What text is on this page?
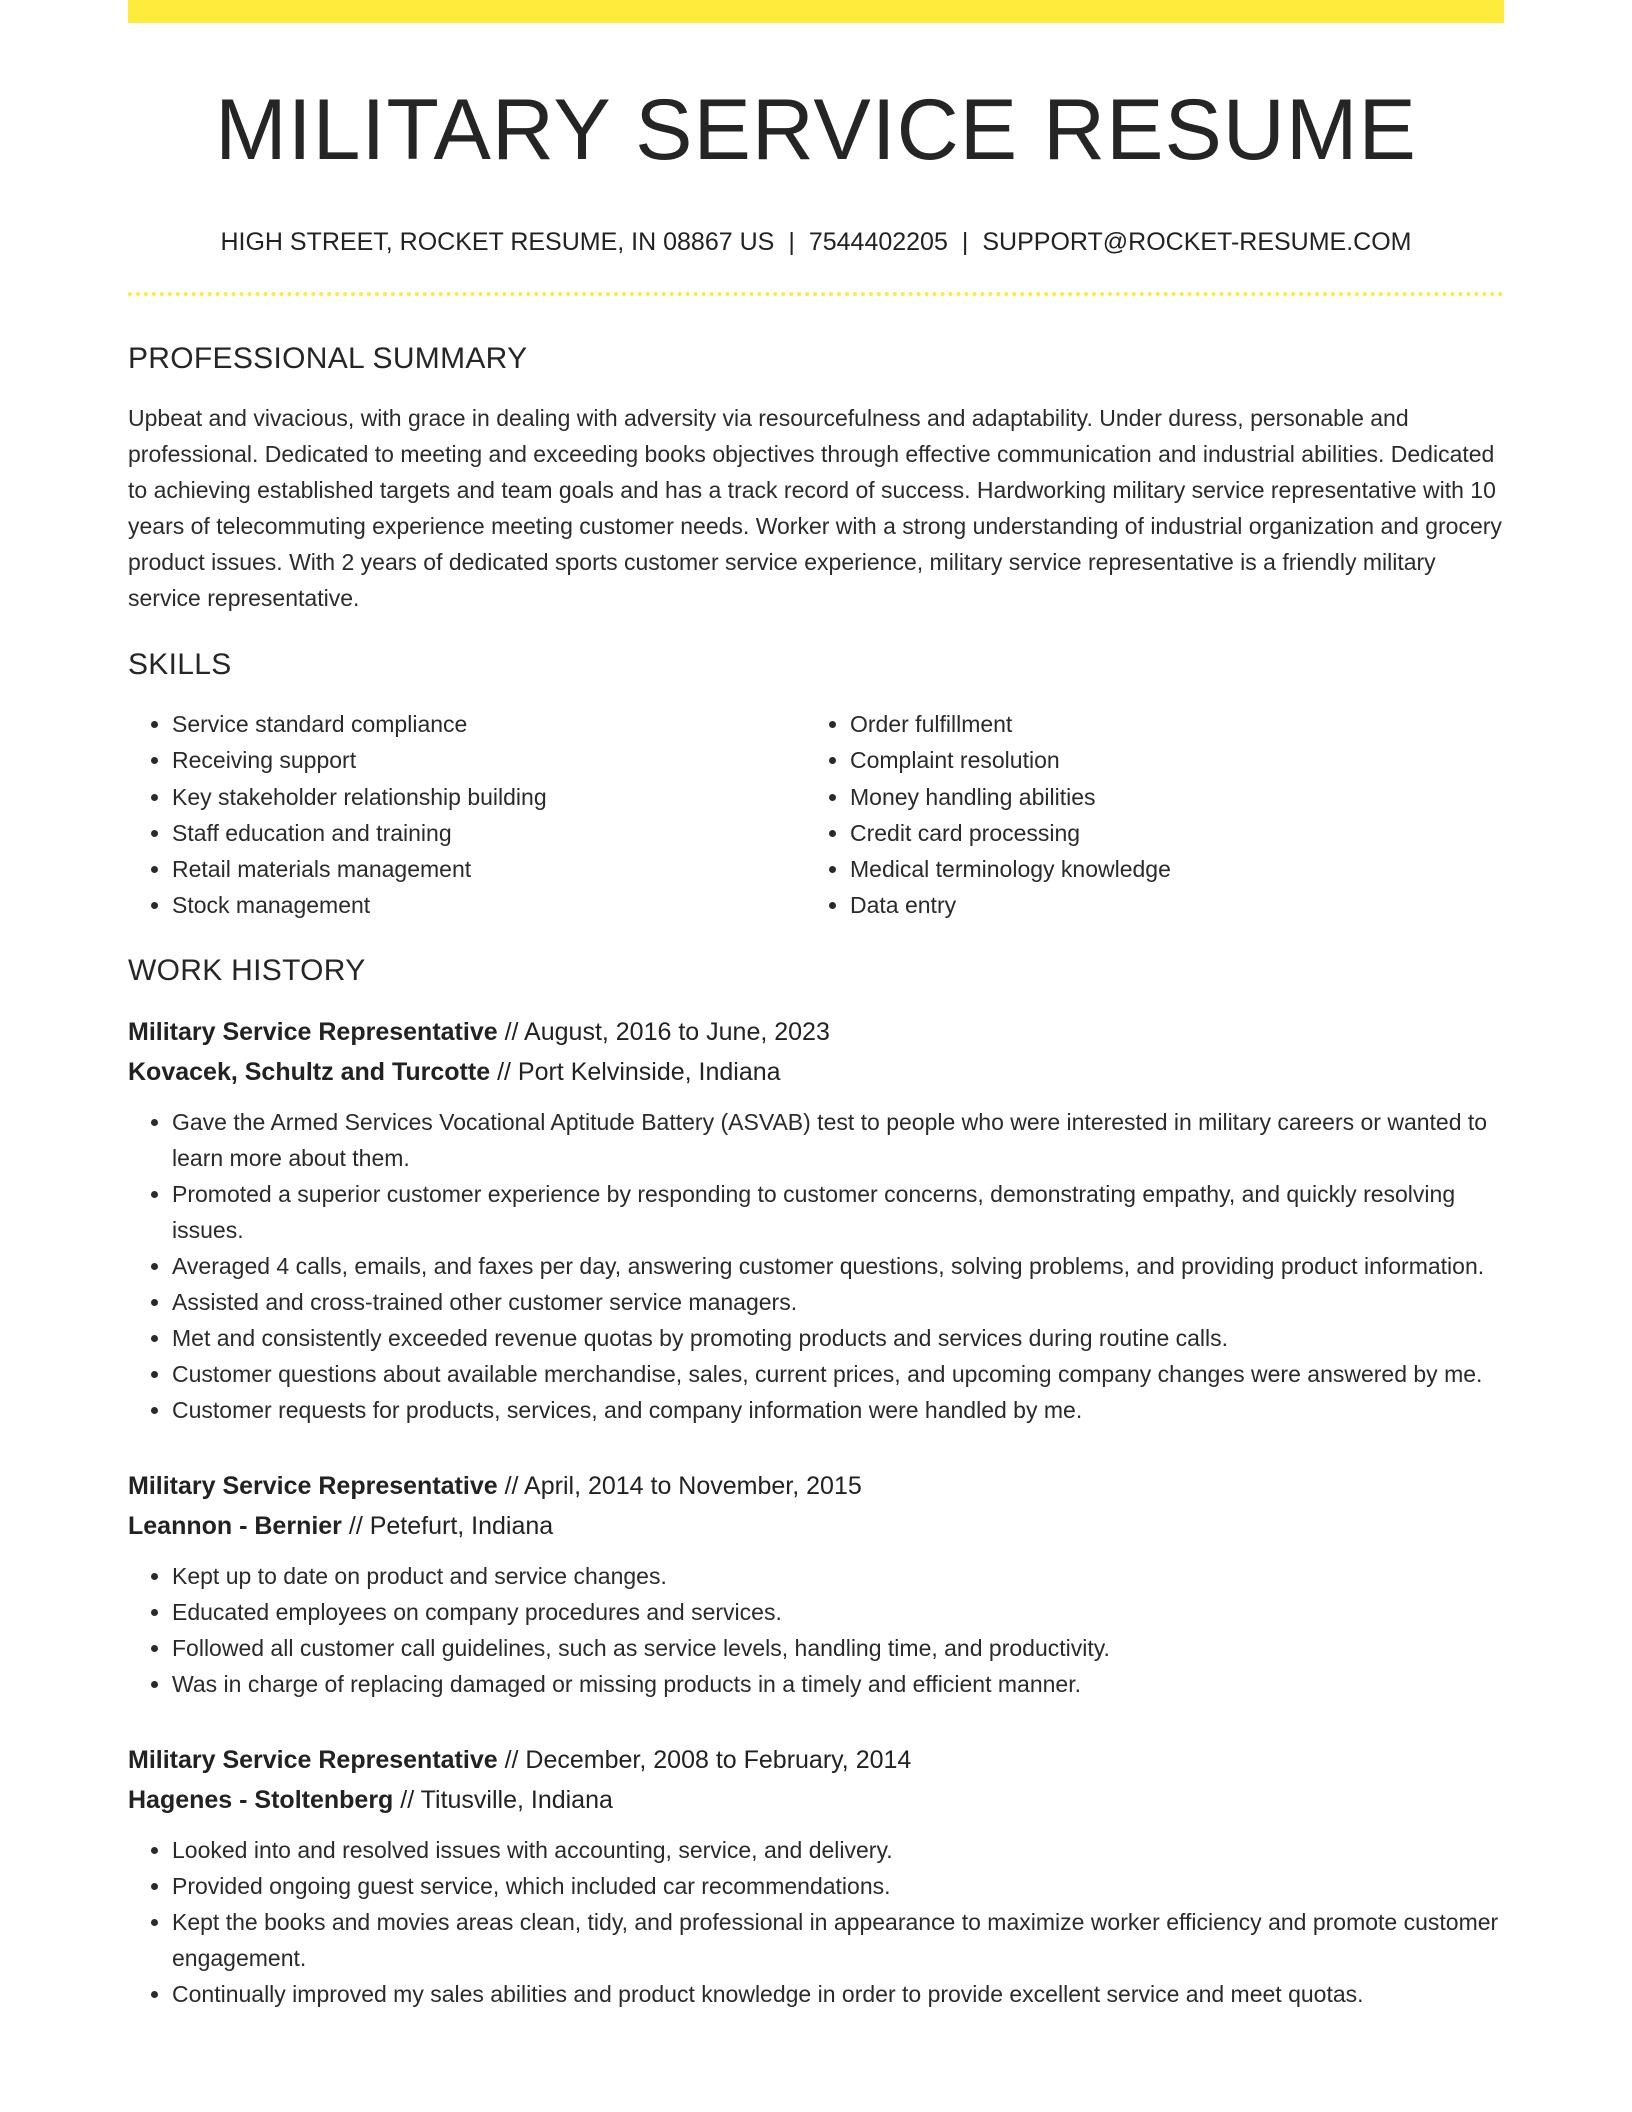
MILITARY SERVICE RESUME
HIGH STREET, ROCKET RESUME, IN 08867 US | 7544402205 | SUPPORT@ROCKET-RESUME.COM
PROFESSIONAL SUMMARY
Upbeat and vivacious, with grace in dealing with adversity via resourcefulness and adaptability. Under duress, personable and professional. Dedicated to meeting and exceeding books objectives through effective communication and industrial abilities. Dedicated to achieving established targets and team goals and has a track record of success. Hardworking military service representative with 10 years of telecommuting experience meeting customer needs. Worker with a strong understanding of industrial organization and grocery product issues. With 2 years of dedicated sports customer service experience, military service representative is a friendly military service representative.
SKILLS
• Service standard compliance
• Receiving support
• Key stakeholder relationship building
• Staff education and training
• Retail materials management
• Stock management
• Order fulfillment
• Complaint resolution
• Money handling abilities
• Credit card processing
• Medical terminology knowledge
• Data entry
WORK HISTORY
Military Service Representative // August, 2016 to June, 2023
Kovacek, Schultz and Turcotte // Port Kelvinside, Indiana
• Gave the Armed Services Vocational Aptitude Battery (ASVAB) test to people who were interested in military careers or wanted to learn more about them.
• Promoted a superior customer experience by responding to customer concerns, demonstrating empathy, and quickly resolving issues.
• Averaged 4 calls, emails, and faxes per day, answering customer questions, solving problems, and providing product information.
• Assisted and cross-trained other customer service managers.
• Met and consistently exceeded revenue quotas by promoting products and services during routine calls.
• Customer questions about available merchandise, sales, current prices, and upcoming company changes were answered by me.
• Customer requests for products, services, and company information were handled by me.
Military Service Representative // April, 2014 to November, 2015
Leannon - Bernier // Petefurt, Indiana
• Kept up to date on product and service changes.
• Educated employees on company procedures and services.
• Followed all customer call guidelines, such as service levels, handling time, and productivity.
• Was in charge of replacing damaged or missing products in a timely and efficient manner.
Military Service Representative // December, 2008 to February, 2014
Hagenes - Stoltenberg // Titusville, Indiana
• Looked into and resolved issues with accounting, service, and delivery.
• Provided ongoing guest service, which included car recommendations.
• Kept the books and movies areas clean, tidy, and professional in appearance to maximize worker efficiency and promote customer engagement.
• Continually improved my sales abilities and product knowledge in order to provide excellent service and meet quotas.
